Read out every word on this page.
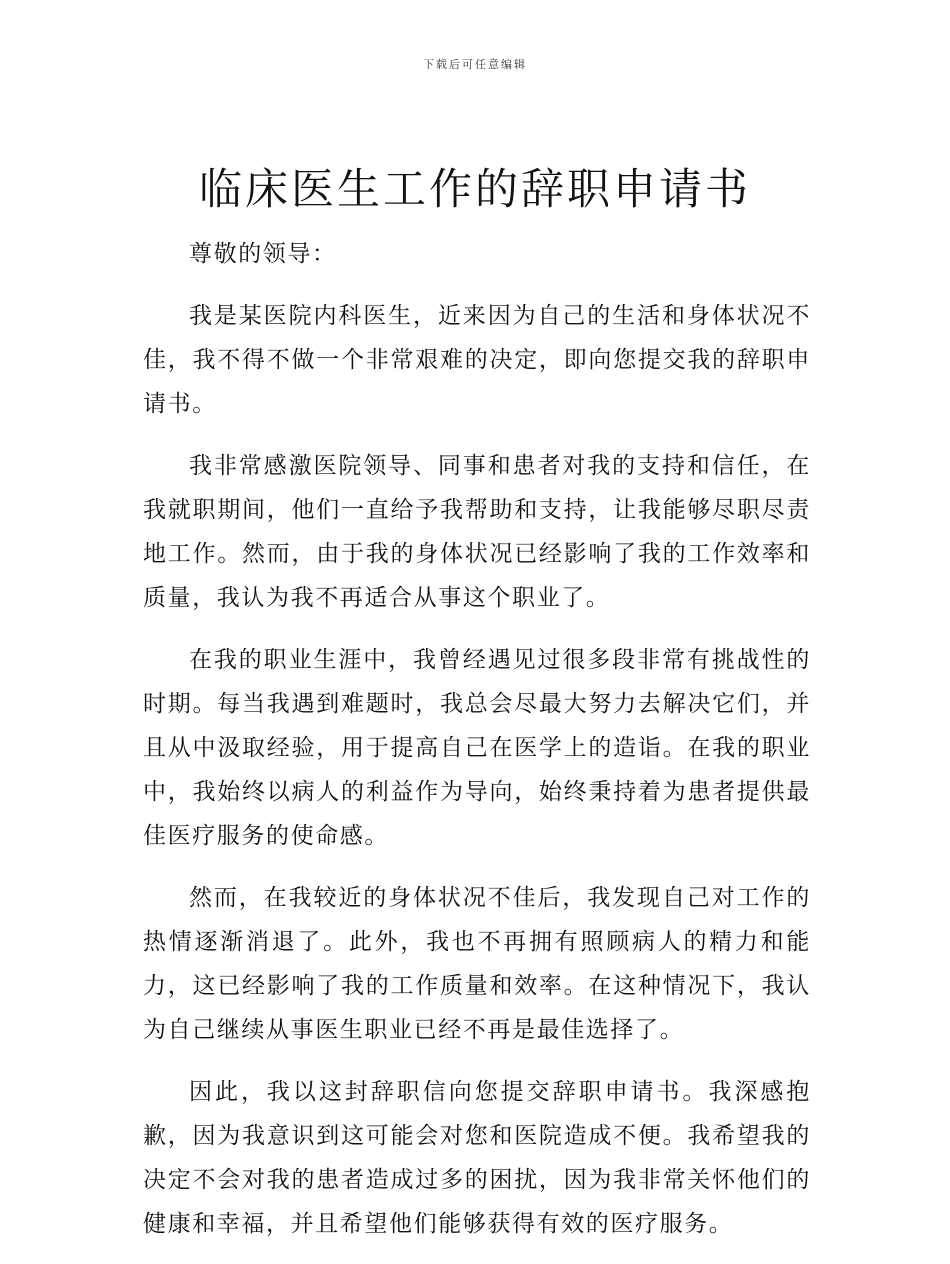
下载后可任意编辑
临床医生工作的辞职申请书

尊敬的领导：

我是某医院内科医生，近来因为自己的生活和身体状况不佳，我不得不做一个非常艰难的决定，即向您提交我的辞职申请书。

我非常感激医院领导、同事和患者对我的支持和信任，在我就职期间，他们一直给予我帮助和支持，让我能够尽职尽责地工作。然而，由于我的身体状况已经影响了我的工作效率和质量，我认为我不再适合从事这个职业了。

在我的职业生涯中，我曾经遇见过很多段非常有挑战性的时期。每当我遇到难题时，我总会尽最大努力去解决它们，并且从中汲取经验，用于提高自己在医学上的造诣。在我的职业中，我始终以病人的利益作为导向，始终秉持着为患者提供最佳医疗服务的使命感。

然而，在我较近的身体状况不佳后，我发现自己对工作的热情逐渐消退了。此外，我也不再拥有照顾病人的精力和能力，这已经影响了我的工作质量和效率。在这种情况下，我认为自己继续从事医生职业已经不再是最佳选择了。

因此，我以这封辞职信向您提交辞职申请书。我深感抱歉，因为我意识到这可能会对您和医院造成不便。我希望我的决定不会对我的患者造成过多的困扰，因为我非常关怀他们的健康和幸福，并且希望他们能够获得有效的医疗服务。
